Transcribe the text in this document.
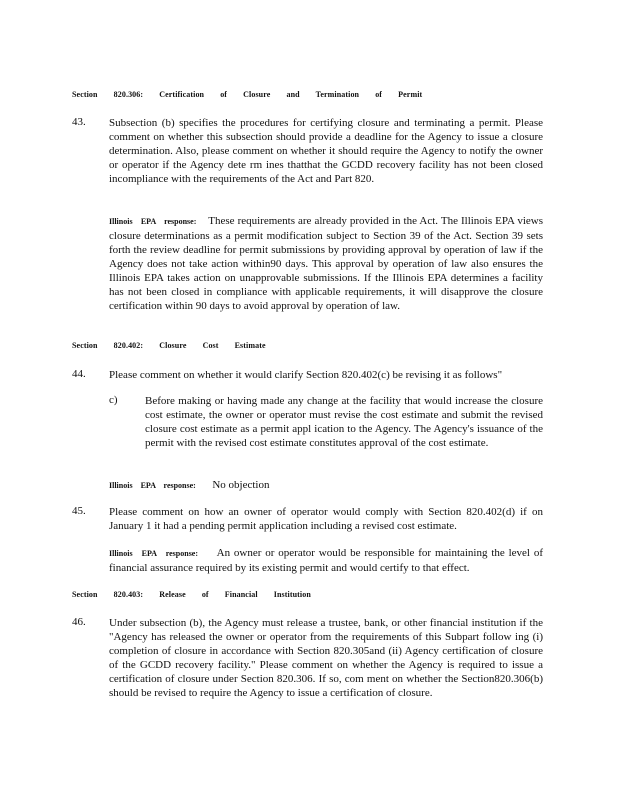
Section 820.306: Certification of Closure and Termination of Permit
43. Subsection (b) specifies the procedures for certifying closure and terminating a permit. Please comment on whether this subsection should provide a deadline for the Agency to issue a closure determination. Also, please comment on whether it should require the Agency to notify the owner or operator if the Agency dete rm ines thatthat the GCDD recovery facility has not been closed incompliance with the requirements of the Act and Part 820.
Illinois EPA response: These requirements are already provided in the Act. The Illinois EPA views closure determinations as a permit modification subject to Section 39 of the Act. Section 39 sets forth the review deadline for permit submissions by providing approval by operation of law if the Agency does not take action within90 days. This approval by operation of law also ensures the Illinois EPA takes action on unapprovable submissions. If the Illinois EPA determines a facility has not been closed in compliance with applicable requirements, it will disapprove the closure certification within 90 days to avoid approval by operation of law.
Section 820.402: Closure Cost Estimate
44. Please comment on whether it would clarify Section 820.402(c) be revising it as follows"
c) Before making or having made any change at the facility that would increase the closure cost estimate, the owner or operator must revise the cost estimate and submit the revised closure cost estimate as a permit appl ication to the Agency. The Agency's issuance of the permit with the revised cost estimate constitutes approval of the cost estimate.
Illinois EPA response: No objection
45. Please comment on how an owner of operator would comply with Section 820.402(d) if on January 1 it had a pending permit application including a revised cost estimate.
Illinois EPA response: An owner or operator would be responsible for maintaining the level of financial assurance required by its existing permit and would certify to that effect.
Section 820.403: Release of Financial Institution
46. Under subsection (b), the Agency must release a trustee, bank, or other financial institution if the "Agency has released the owner or operator from the requirements of this Subpart follow ing (i) completion of closure in accordance with Section 820.305and (ii) Agency certification of closure of the GCDD recovery facility." Please comment on whether the Agency is required to issue a certification of closure under Section 820.306. If so, com ment on whether the Section820.306(b) should be revised to require the Agency to issue a certification of closure.
